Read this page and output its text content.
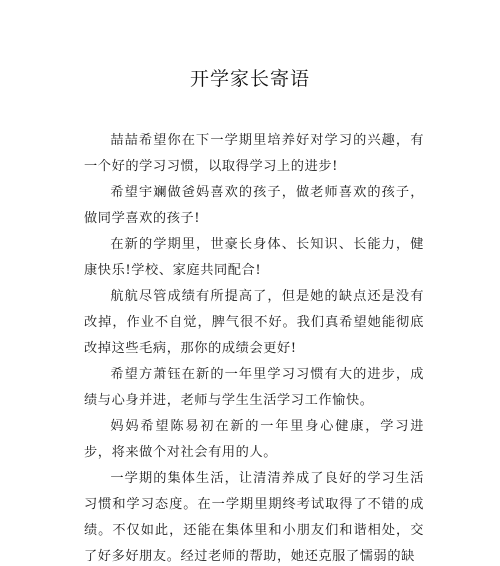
开学家长寄语

喆喆希望你在下一学期里培养好对学习的兴趣，有一个好的学习习惯，以取得学习上的进步!

希望宇斓做爸妈喜欢的孩子，做老师喜欢的孩子，做同学喜欢的孩子!

在新的学期里，世豪长身体、长知识、长能力，健康快乐!学校、家庭共同配合!

航航尽管成绩有所提高了，但是她的缺点还是没有改掉，作业不自觉，脾气很不好。我们真希望她能彻底改掉这些毛病，那你的成绩会更好!

希望方萧钰在新的一年里学习习惯有大的进步，成绩与心身并进，老师与学生生活学习工作愉快。

妈妈希望陈易初在新的一年里身心健康，学习进步，将来做个对社会有用的人。

一学期的集体生活，让清清养成了良好的学习生活习惯和学习态度。在一学期里期终考试取得了不错的成绩。不仅如此，还能在集体里和小朋友们和谐相处，交了好多好朋友。经过老师的帮助，她还克服了懦弱的缺
